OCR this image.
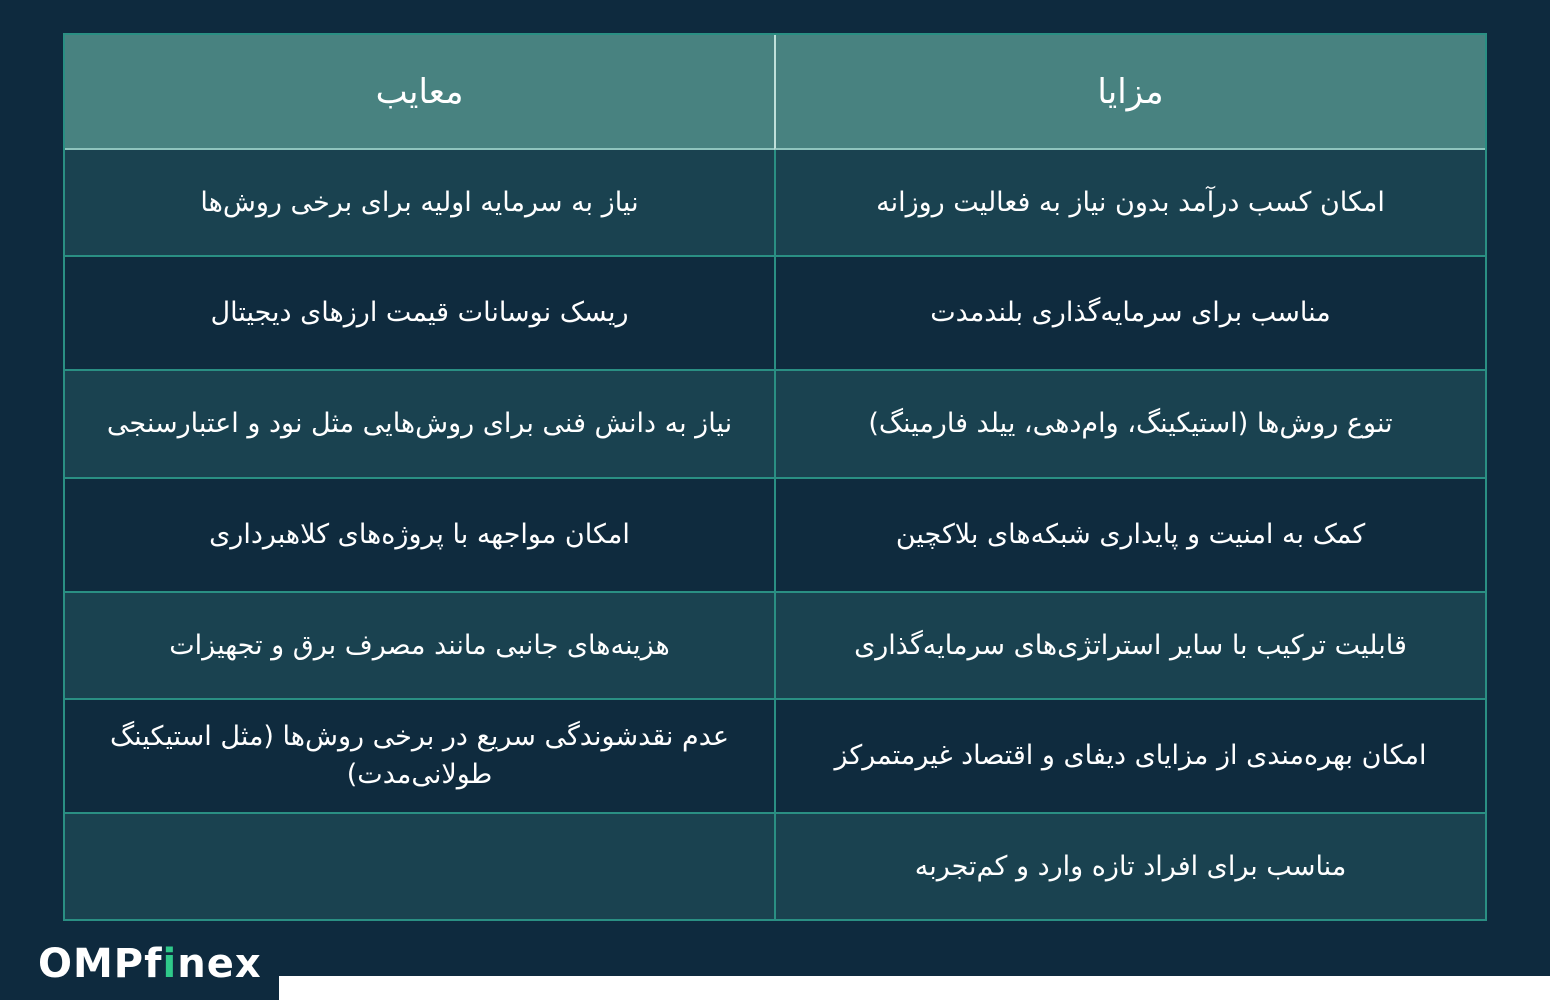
مزایا
معایب
امکان کسب درآمد بدون نیاز به فعالیت روزانه
نیاز به سرمایه اولیه برای برخی روش‌ها
مناسب برای سرمایه‌گذاری بلندمدت
ریسک نوسانات قیمت ارزهای دیجیتال
تنوع روش‌ها (استیکینگ، وام‌دهی، ییلد فارمینگ)
نیاز به دانش فنی برای روش‌هایی مثل نود و اعتبارسنجی
کمک به امنیت و پایداری شبکه‌های بلاکچین
امکان مواجهه با پروژه‌های کلاهبرداری
قابلیت ترکیب با سایر استراتژی‌های سرمایه‌گذاری
هزینه‌های جانبی مانند مصرف برق و تجهیزات
امکان بهره‌مندی از مزایای دیفای و اقتصاد غیرمتمرکز
عدم نقدشوندگی سریع در برخی روش‌ها (مثل استیکینگ طولانی‌مدت)
مناسب برای افراد تازه وارد و کم‌تجربه
OMPfinex
